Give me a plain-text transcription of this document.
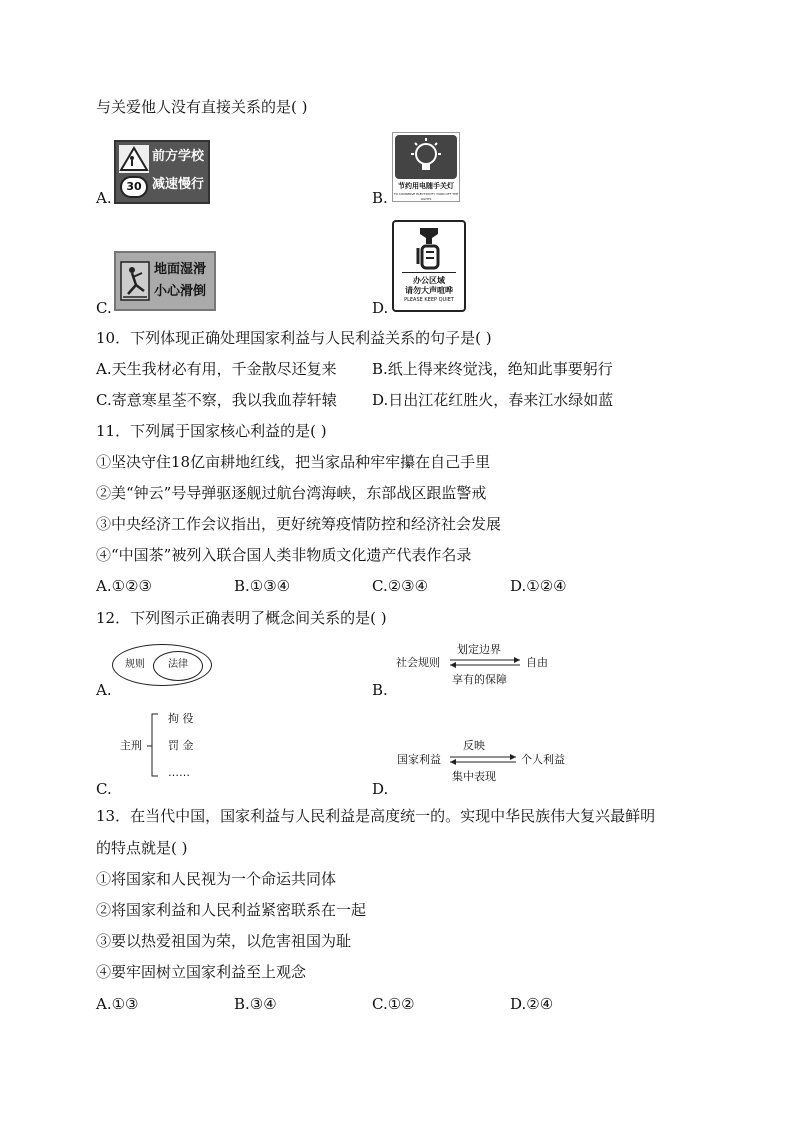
与关爱他人没有直接关系的是( )
A.
30
前方学校
减速慢行
B.
节约用电随手关灯
TO CONSERVE ELECTRICITY TURN OFF THE LIGHTS
C.
地面湿滑
小心滑倒
D.
办公区域
请勿大声喧哗
PLEASE KEEP QUIET
10．下列体现正确处理国家利益与人民利益关系的句子是( )
A.天生我材必有用，千金散尽还复来 B.纸上得来终觉浅，绝知此事要躬行
C.寄意寒星荃不察，我以我血荐轩辕 D.日出江花红胜火，春来江水绿如蓝
11．下列属于国家核心利益的是( )
①坚决守住18亿亩耕地红线，把当家品种牢牢攥在自己手里
②美“钟云”号导弹驱逐舰过航台湾海峡，东部战区跟监警戒
③中央经济工作会议指出，更好统筹疫情防控和经济社会发展
④“中国茶”被列入联合国人类非物质文化遗产代表作名录
A.①②③	B.①③④	C.②③④	D.①②④
12．下列图示正确表明了概念间关系的是( )
A.
规则 法律
B.
划定边界
社会规则	自由
享有的保障
C.
主刑
拘 役
罚 金
……
D.
反映
国家利益	个人利益
集中表现
13．在当代中国，国家利益与人民利益是高度统一的。实现中华民族伟大复兴最鲜明
的特点就是( )
①将国家和人民视为一个命运共同体
②将国家利益和人民利益紧密联系在一起
③要以热爱祖国为荣，以危害祖国为耻
④要牢固树立国家利益至上观念
A.①③	B.③④	C.①②	D.②④
